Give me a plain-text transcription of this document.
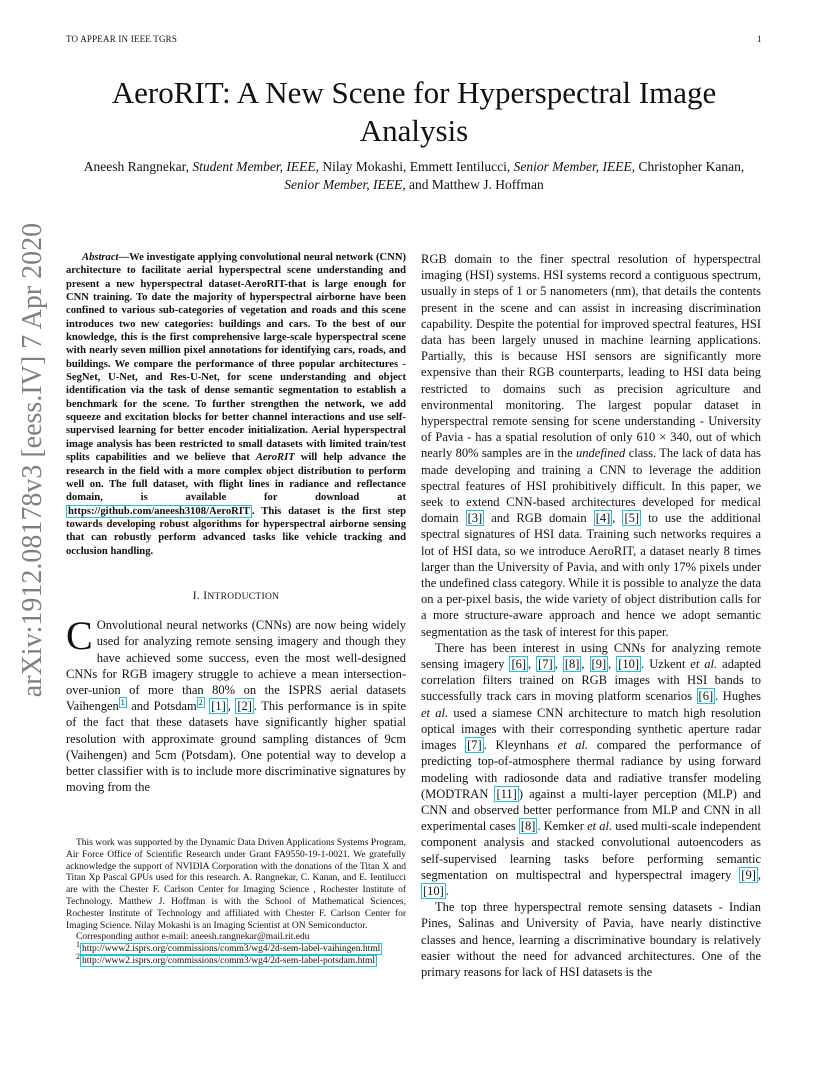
TO APPEAR IN IEEE TGRS	1
arXiv:1912.08178v3 [eess.IV] 7 Apr 2020
AeroRIT: A New Scene for Hyperspectral Image Analysis
Aneesh Rangnekar, Student Member, IEEE, Nilay Mokashi, Emmett Ientilucci, Senior Member, IEEE, Christopher Kanan, Senior Member, IEEE, and Matthew J. Hoffman

Abstract—We investigate applying convolutional neural network (CNN) architecture to facilitate aerial hyperspectral scene understanding and present a new hyperspectral dataset-AeroRIT-that is large enough for CNN training. To date the majority of hyperspectral airborne have been confined to various sub-categories of vegetation and roads and this scene introduces two new categories: buildings and cars. To the best of our knowledge, this is the first comprehensive large-scale hyperspectral scene with nearly seven million pixel annotations for identifying cars, roads, and buildings. We compare the performance of three popular architectures - SegNet, U-Net, and Res-U-Net, for scene understanding and object identification via the task of dense semantic segmentation to establish a benchmark for the scene. To further strengthen the network, we add squeeze and excitation blocks for better channel interactions and use self-supervised learning for better encoder initialization. Aerial hyperspectral image analysis has been restricted to small datasets with limited train/test splits capabilities and we believe that AeroRIT will help advance the research in the field with a more complex object distribution to perform well on. The full dataset, with flight lines in radiance and reflectance domain, is available for download at https://github.com/aneesh3108/AeroRIT . This dataset is the first step towards developing robust algorithms for hyperspectral airborne sensing that can robustly perform advanced tasks like vehicle tracking and occlusion handling.

I. INTRODUCTION

C Onvolutional neural networks (CNNs) are now being widely used for analyzing remote sensing imagery and though they have achieved some success, even the most well-designed CNNs for RGB imagery struggle to achieve a mean intersection-over-union of more than 80% on the ISPRS aerial datasets Vaihengen $^1$ and Potsdam $^2$ [1] , [2] . This performance is in spite of the fact that these datasets have significantly higher spatial resolution with approximate ground sampling distances of 9cm (Vaihengen) and 5cm (Potsdam). One potential way to develop a better classifier with is to include more discriminative signatures by moving from the

This work was supported by the Dynamic Data Driven Applications Systems Program, Air Force Office of Scientific Research under Grant FA9550-19-1-0021. We gratefully acknowledge the support of NVIDIA Corporation with the donations of the Titan X and Titan Xp Pascal GPUs used for this research. A. Rangnekar, C. Kanan, and E. Ientilucci are with the Chester F. Carlson Center for Imaging Science , Rochester Institute of Technology. Matthew J. Hoffman is with the School of Mathematical Sciences, Rochester Institute of Technology and affiliated with Chester F. Carlson Center for Imaging Science. Nilay Mokashi is an Imaging Scientist at ON Semiconductor.

Corresponding author e-mail: aneesh.rangnekar@mail.rit.edu

$^1$ http://www2.isprs.org/commissions/comm3/wg4/2d-sem-label-vaihingen.html

$^2$ http://www2.isprs.org/commissions/comm3/wg4/2d-sem-label-potsdam.html

RGB domain to the finer spectral resolution of hyperspectral imaging (HSI) systems. HSI systems record a contiguous spectrum, usually in steps of 1 or 5 nanometers (nm), that details the contents present in the scene and can assist in increasing discrimination capability. Despite the potential for improved spectral features, HSI data has been largely unused in machine learning applications. Partially, this is because HSI sensors are significantly more expensive than their RGB counterparts, leading to HSI data being restricted to domains such as precision agriculture and environmental monitoring. The largest popular dataset in hyperspectral remote sensing for scene understanding - University of Pavia - has a spatial resolution of only 610 × 340, out of which nearly 80% samples are in the undefined class. The lack of data has made developing and training a CNN to leverage the addition spectral features of HSI prohibitively difficult. In this paper, we seek to extend CNN-based architectures developed for medical domain [3] and RGB domain [4] , [5] to use the additional spectral signatures of HSI data. Training such networks requires a lot of HSI data, so we introduce AeroRIT, a dataset nearly 8 times larger than the University of Pavia, and with only 17% pixels under the undefined class category. While it is possible to analyze the data on a per-pixel basis, the wide variety of object distribution calls for a more structure-aware approach and hence we adopt semantic segmentation as the task of interest for this paper.

There has been interest in using CNNs for analyzing remote sensing imagery [6] , [7] , [8] , [9] , [10] . Uzkent et al. adapted correlation filters trained on RGB images with HSI bands to successfully track cars in moving platform scenarios [6] . Hughes et al. used a siamese CNN architecture to match high resolution optical images with their corresponding synthetic aperture radar images [7] . Kleynhans et al. compared the performance of predicting top-of-atmosphere thermal radiance by using forward modeling with radiosonde data and radiative transfer modeling (MODTRAN [11] ) against a multi-layer perception (MLP) and CNN and observed better performance from MLP and CNN in all experimental cases [8] . Kemker et al. used multi-scale independent component analysis and stacked convolutional autoencoders as self-supervised learning tasks before performing semantic segmentation on multispectral and hyperspectral imagery [9] , [10] .

The top three hyperspectral remote sensing datasets - Indian Pines, Salinas and University of Pavia, have nearly distinctive classes and hence, learning a discriminative boundary is relatively easier without the need for advanced architectures. One of the primary reasons for lack of HSI datasets is the
